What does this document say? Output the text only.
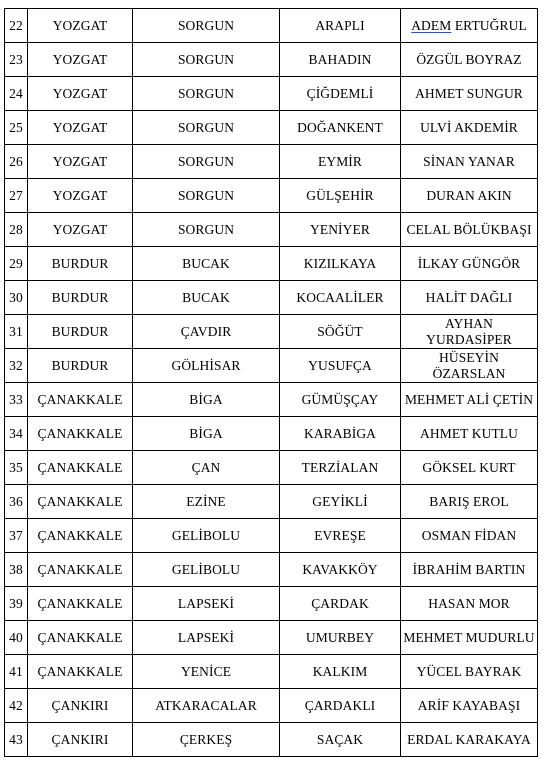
22	YOZGAT	SORGUN	ARAPLI	ADEM ERTUĞRUL
23	YOZGAT	SORGUN	BAHADIN	ÖZGÜL BOYRAZ
24	YOZGAT	SORGUN	ÇİĞDEMLİ	AHMET SUNGUR
25	YOZGAT	SORGUN	DOĞANKENT	ULVİ AKDEMİR
26	YOZGAT	SORGUN	EYMİR	SİNAN YANAR
27	YOZGAT	SORGUN	GÜLŞEHİR	DURAN AKIN
28	YOZGAT	SORGUN	YENİYER	CELAL BÖLÜKBAŞI
29	BURDUR	BUCAK	KIZILKAYA	İLKAY GÜNGÖR
30	BURDUR	BUCAK	KOCAALİLER	HALİT DAĞLI
31	BURDUR	ÇAVDIR	SÖĞÜT	AYHAN
YURDASİPER
32	BURDUR	GÖLHİSAR	YUSUFÇA	HÜSEYİN
ÖZARSLAN
33	ÇANAKKALE	BİGA	GÜMÜŞÇAY	MEHMET ALİ ÇETİN
34	ÇANAKKALE	BİGA	KARABİGA	AHMET KUTLU
35	ÇANAKKALE	ÇAN	TERZİALAN	GÖKSEL KURT
36	ÇANAKKALE	EZİNE	GEYİKLİ	BARIŞ EROL
37	ÇANAKKALE	GELİBOLU	EVREŞE	OSMAN FİDAN
38	ÇANAKKALE	GELİBOLU	KAVAKKÖY	İBRAHİM BARTIN
39	ÇANAKKALE	LAPSEKİ	ÇARDAK	HASAN MOR
40	ÇANAKKALE	LAPSEKİ	UMURBEY	MEHMET MUDURLU
41	ÇANAKKALE	YENİCE	KALKIM	YÜCEL BAYRAK
42	ÇANKIRI	ATKARACALAR	ÇARDAKLI	ARİF KAYABAŞI
43	ÇANKIRI	ÇERKEŞ	SAÇAK	ERDAL KARAKAYA
